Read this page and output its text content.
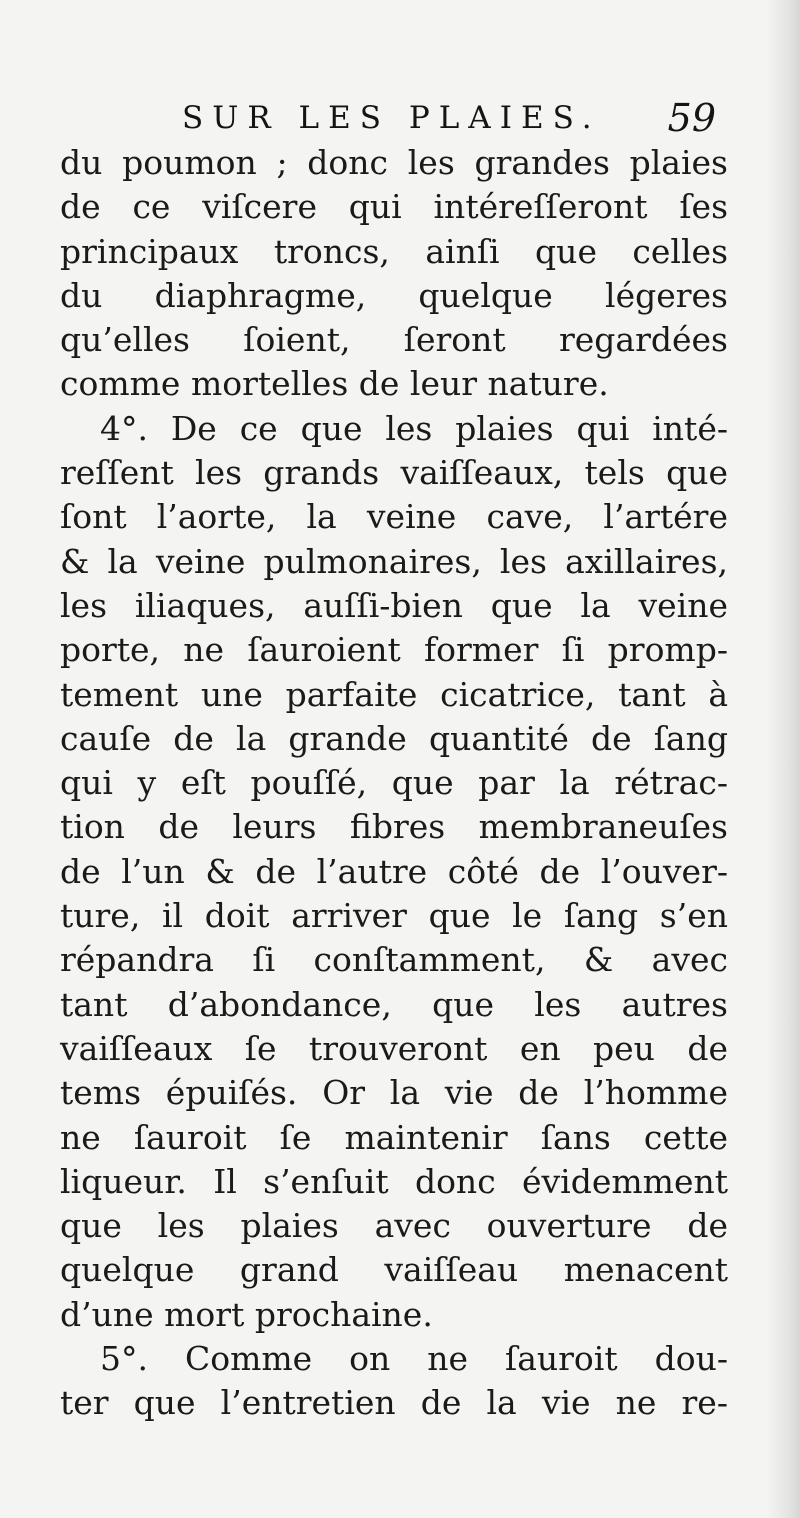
SUR LES PLAIES. 59
du poumon ; donc les grandes plaies
de ce viſcere qui intéreſſeront ſes
principaux troncs, ainſi que celles
du diaphragme, quelque légeres
qu’elles ſoient, ſeront regardées
comme mortelles de leur nature.
4°. De ce que les plaies qui inté-
reſſent les grands vaiſſeaux, tels que
ſont l’aorte, la veine cave, l’artére
& la veine pulmonaires, les axillaires,
les iliaques, auſſi-bien que la veine
porte, ne ſauroient former ſi promp-
tement une parfaite cicatrice, tant à
cauſe de la grande quantité de ſang
qui y eſt pouſſé, que par la rétrac-
tion de leurs fibres membraneuſes
de l’un & de l’autre côté de l’ouver-
ture, il doit arriver que le ſang s’en
répandra ſi conſtamment, & avec
tant d’abondance, que les autres
vaiſſeaux ſe trouveront en peu de
tems épuiſés. Or la vie de l’homme
ne ſauroit ſe maintenir ſans cette
liqueur. Il s’enſuit donc évidemment
que les plaies avec ouverture de
quelque grand vaiſſeau menacent
d’une mort prochaine.
5°. Comme on ne ſauroit dou-
ter que l’entretien de la vie ne re-
